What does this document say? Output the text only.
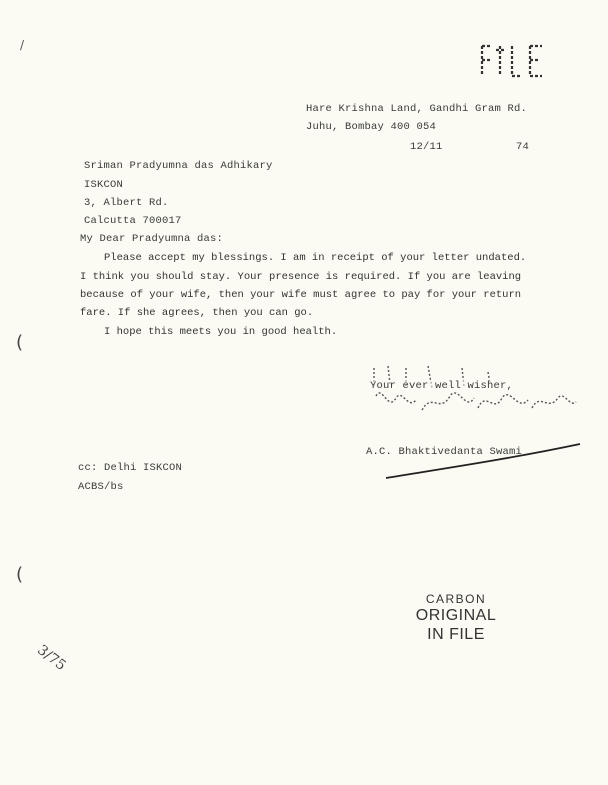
/
Hare Krishna Land, Gandhi Gram Rd.
Juhu, Bombay 400 054
12/11	74
Sriman Pradyumna das Adhikary
ISKCON
3, Albert Rd.
Calcutta 700017
My Dear Pradyumna das:
Please accept my blessings. I am in receipt of your letter undated.
I think you should stay. Your presence is required. If you are leaving
because of your wife, then your wife must agree to pay for your return
fare. If she agrees, then you can go.
I hope this meets you in good health.
(
(
Your ever well wisher,
A.C. Bhaktivedanta Swami
cc: Delhi ISKCON
ACBS/bs
CARBON
ORIGINAL
IN FILE
3/75
